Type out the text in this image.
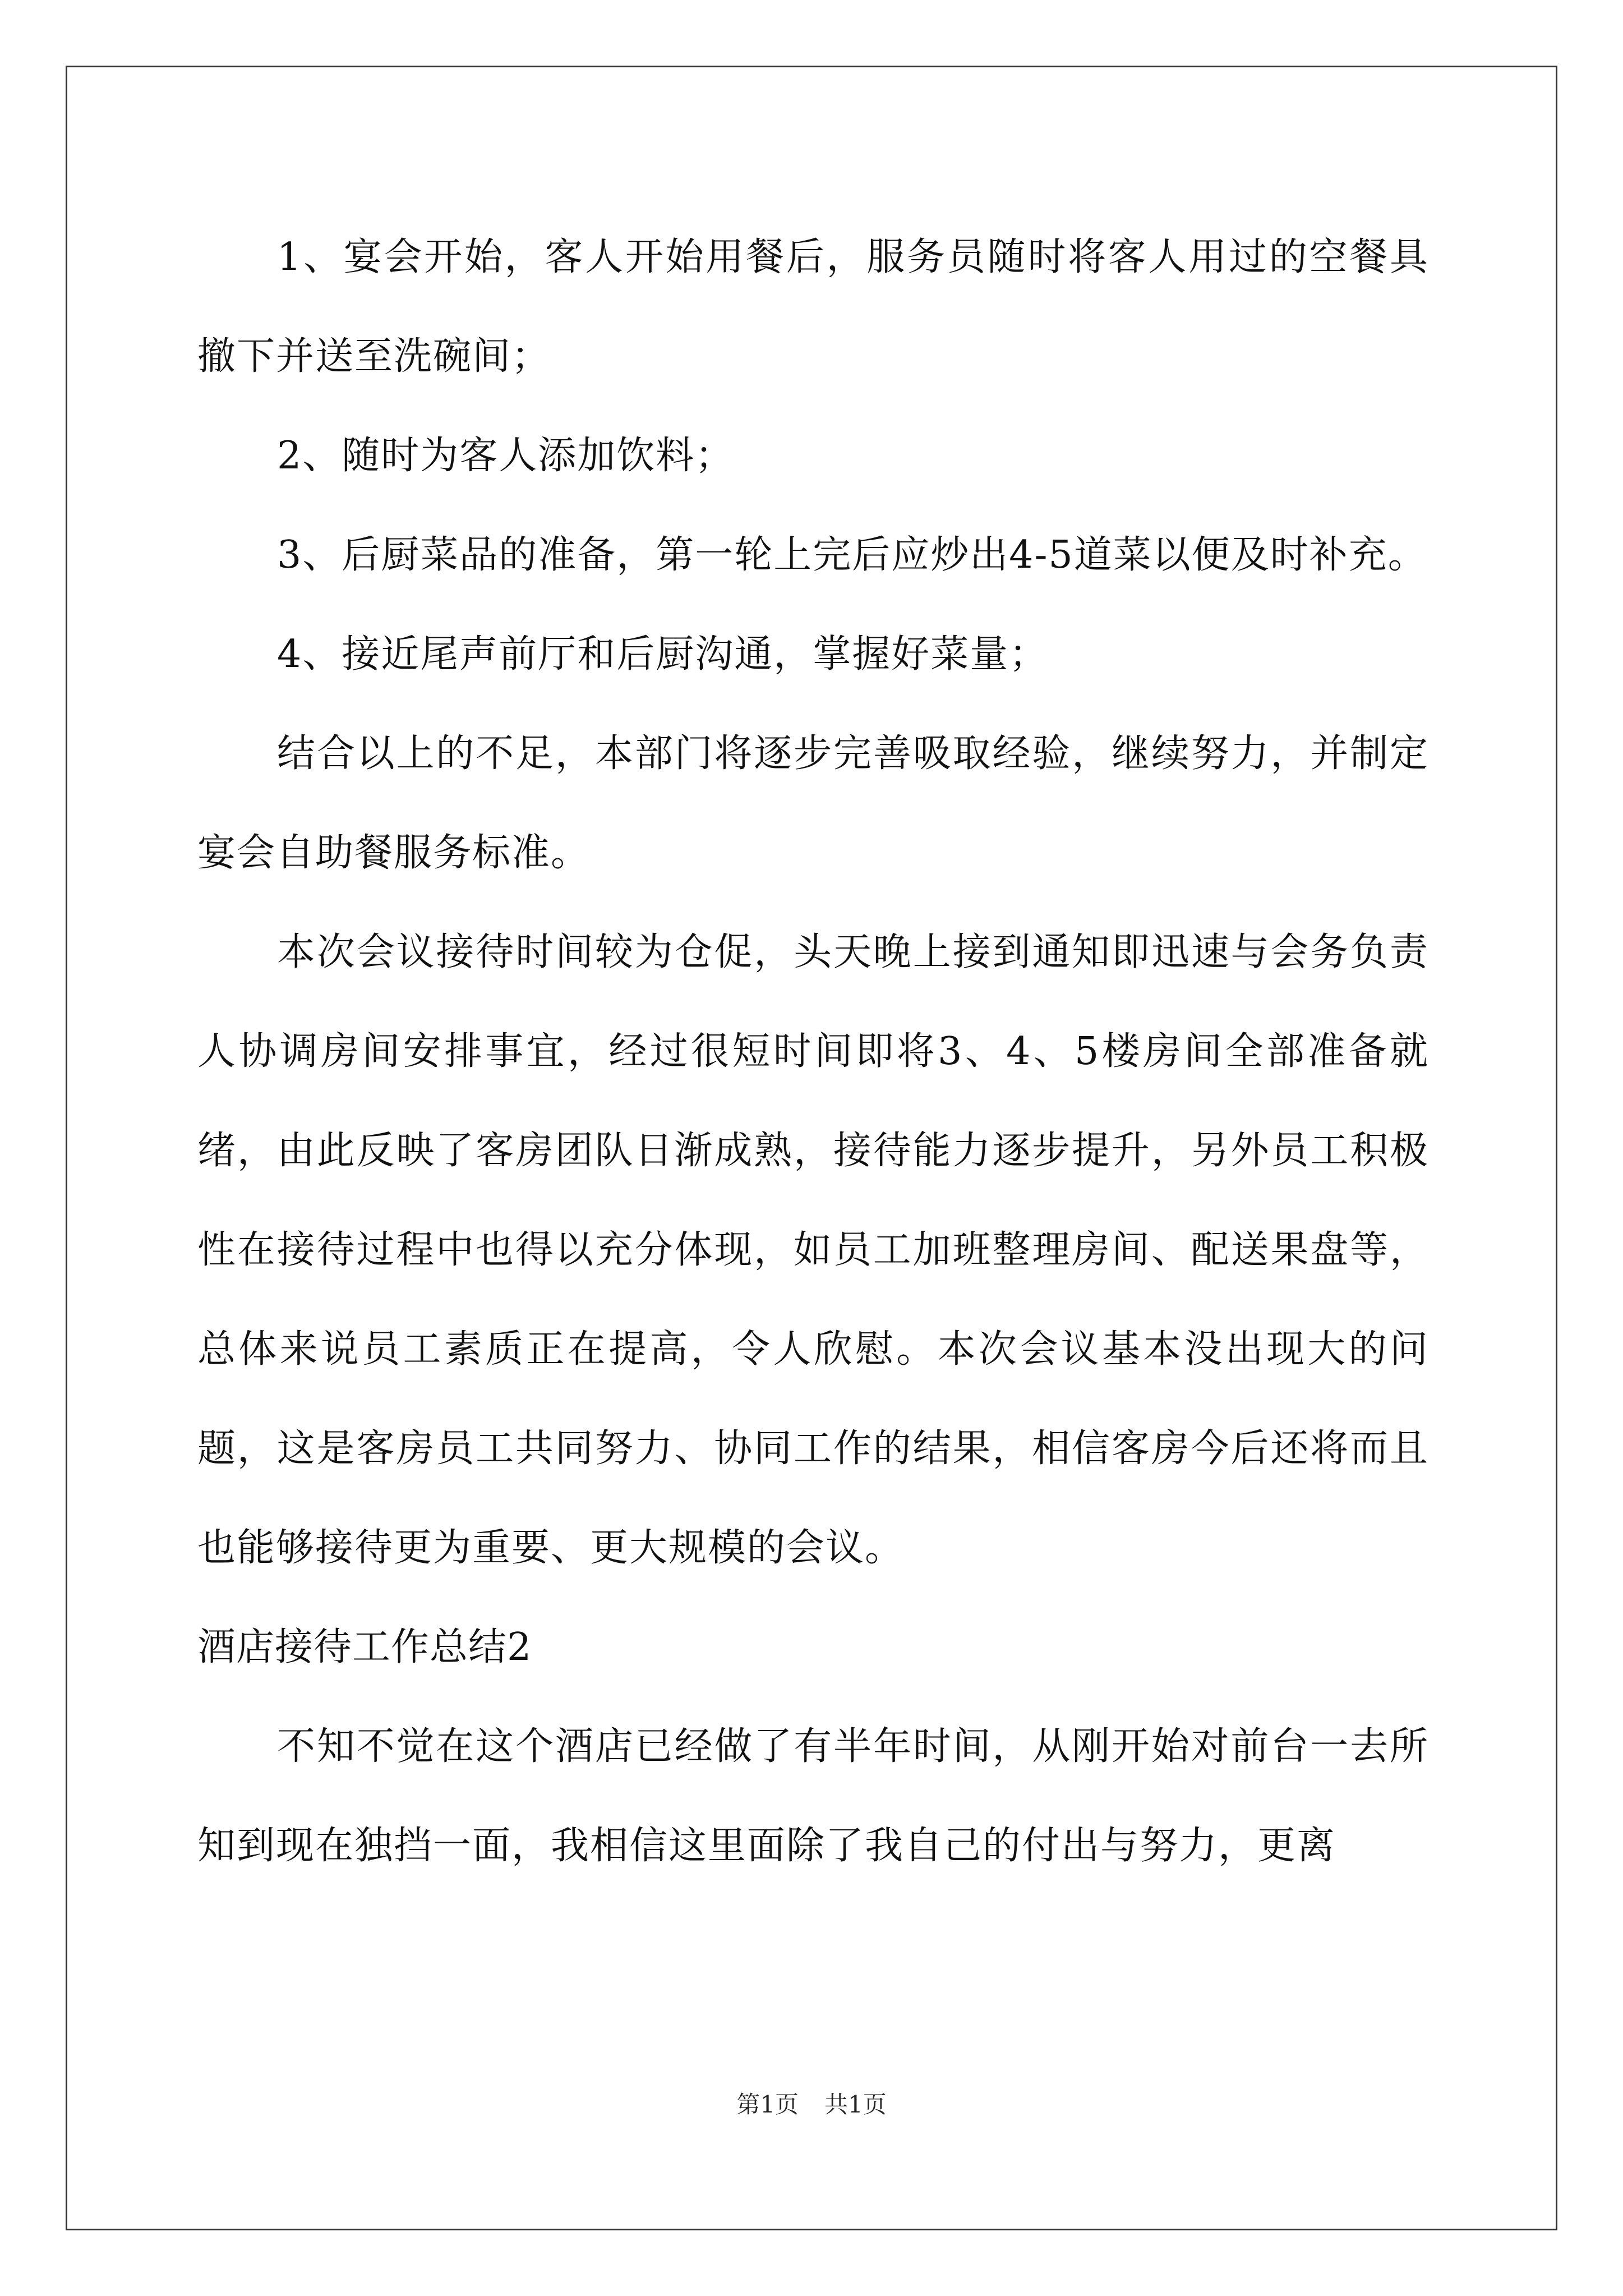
1、宴会开始，客人开始用餐后，服务员随时将客人用过的空餐具撤下并送至洗碗间；

2、随时为客人添加饮料；

3、后厨菜品的准备，第一轮上完后应炒出4-5道菜以便及时补充。

4、接近尾声前厅和后厨沟通，掌握好菜量；

结合以上的不足，本部门将逐步完善吸取经验，继续努力，并制定宴会自助餐服务标准。

本次会议接待时间较为仓促，头天晚上接到通知即迅速与会务负责人协调房间安排事宜，经过很短时间即将3、4、5楼房间全部准备就绪，由此反映了客房团队日渐成熟，接待能力逐步提升，另外员工积极性在接待过程中也得以充分体现，如员工加班整理房间、配送果盘等，总体来说员工素质正在提高，令人欣慰。本次会议基本没出现大的问题，这是客房员工共同努力、协同工作的结果，相信客房今后还将而且也能够接待更为重要、更大规模的会议。

酒店接待工作总结2

不知不觉在这个酒店已经做了有半年时间，从刚开始对前台一去所知到现在独挡一面，我相信这里面除了我自己的付出与努力，更离

第1页 共1页
